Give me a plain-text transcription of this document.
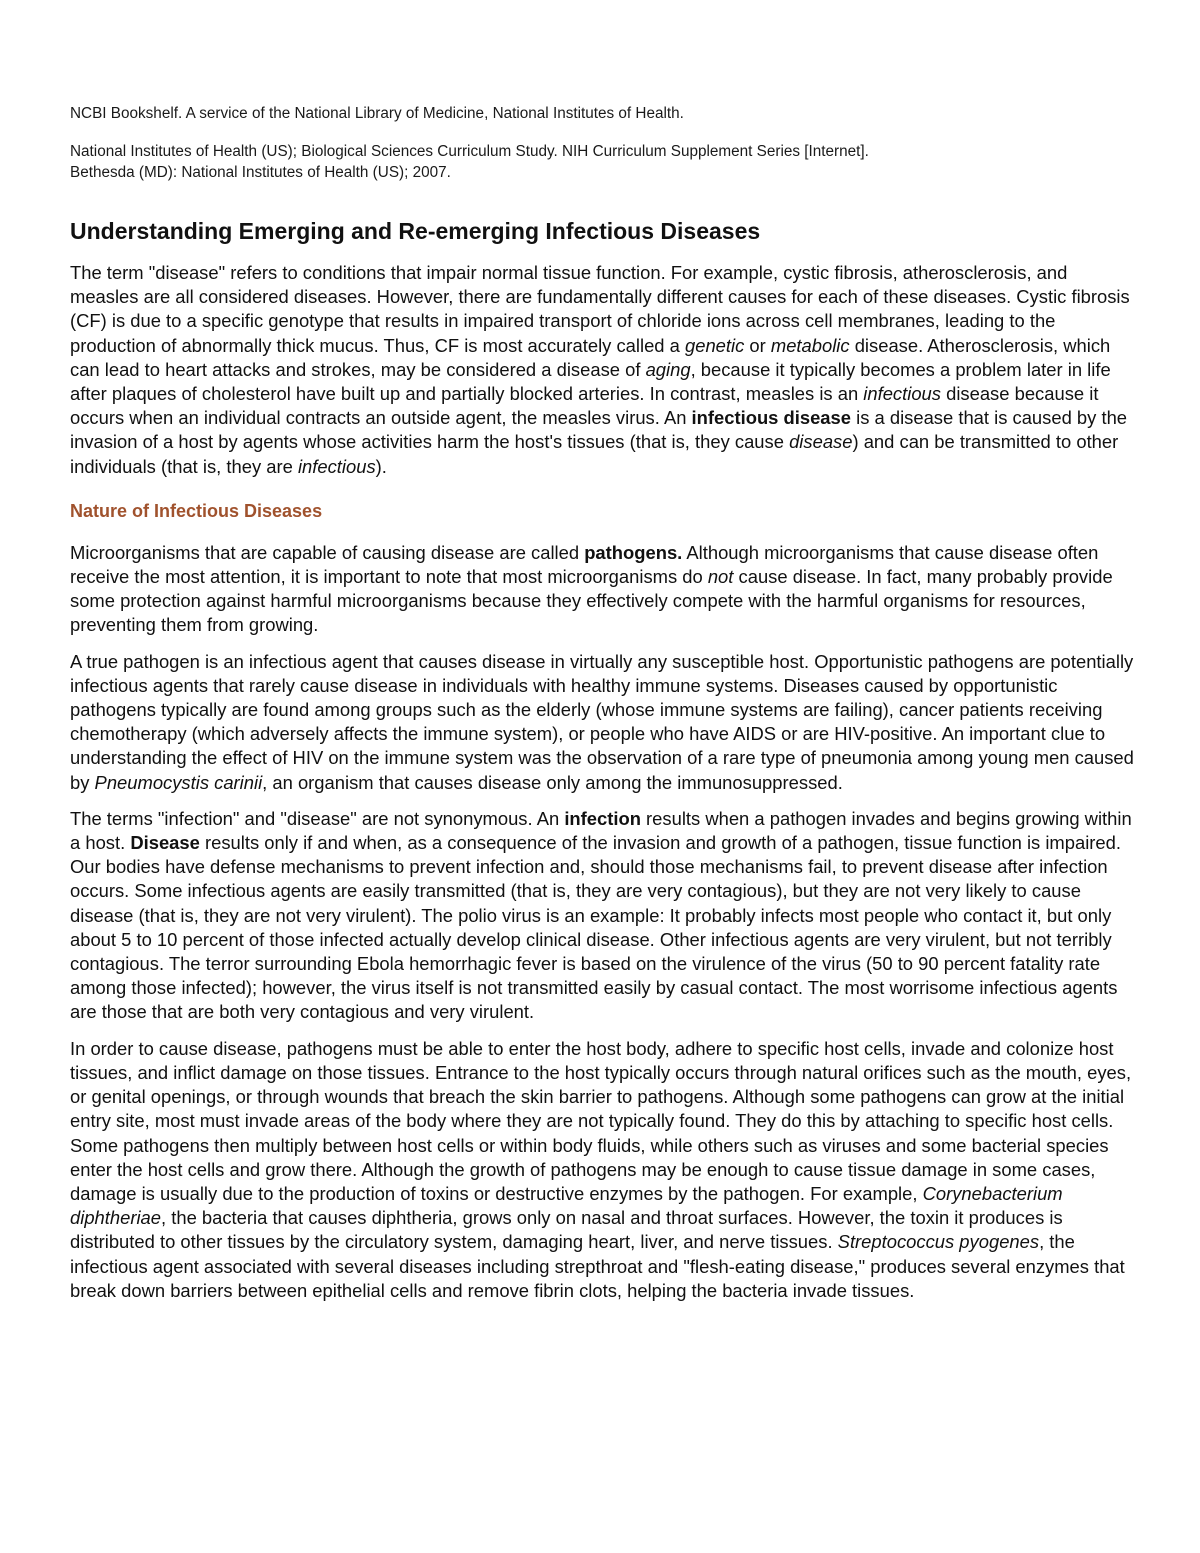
NCBI Bookshelf. A service of the National Library of Medicine, National Institutes of Health.

National Institutes of Health (US); Biological Sciences Curriculum Study. NIH Curriculum Supplement Series [Internet].
Bethesda (MD): National Institutes of Health (US); 2007.

Understanding Emerging and Re-emerging Infectious Diseases

The term "disease" refers to conditions that impair normal tissue function. For example, cystic fibrosis, atherosclerosis, and measles are all considered diseases. However, there are fundamentally different causes for each of these diseases. Cystic fibrosis (CF) is due to a specific genotype that results in impaired transport of chloride ions across cell membranes, leading to the production of abnormally thick mucus. Thus, CF is most accurately called a genetic or metabolic disease. Atherosclerosis, which can lead to heart attacks and strokes, may be considered a disease of aging, because it typically becomes a problem later in life after plaques of cholesterol have built up and partially blocked arteries. In contrast, measles is an infectious disease because it occurs when an individual contracts an outside agent, the measles virus. An infectious disease is a disease that is caused by the invasion of a host by agents whose activities harm the host's tissues (that is, they cause disease) and can be transmitted to other individuals (that is, they are infectious).

Nature of Infectious Diseases

Microorganisms that are capable of causing disease are called pathogens. Although microorganisms that cause disease often receive the most attention, it is important to note that most microorganisms do not cause disease. In fact, many probably provide some protection against harmful microorganisms because they effectively compete with the harmful organisms for resources, preventing them from growing.

A true pathogen is an infectious agent that causes disease in virtually any susceptible host. Opportunistic pathogens are potentially infectious agents that rarely cause disease in individuals with healthy immune systems. Diseases caused by opportunistic pathogens typically are found among groups such as the elderly (whose immune systems are failing), cancer patients receiving chemotherapy (which adversely affects the immune system), or people who have AIDS or are HIV-positive. An important clue to understanding the effect of HIV on the immune system was the observation of a rare type of pneumonia among young men caused by Pneumocystis carinii, an organism that causes disease only among the immunosuppressed.

The terms "infection" and "disease" are not synonymous. An infection results when a pathogen invades and begins growing within a host. Disease results only if and when, as a consequence of the invasion and growth of a pathogen, tissue function is impaired. Our bodies have defense mechanisms to prevent infection and, should those mechanisms fail, to prevent disease after infection occurs. Some infectious agents are easily transmitted (that is, they are very contagious), but they are not very likely to cause disease (that is, they are not very virulent). The polio virus is an example: It probably infects most people who contact it, but only about 5 to 10 percent of those infected actually develop clinical disease. Other infectious agents are very virulent, but not terribly contagious. The terror surrounding Ebola hemorrhagic fever is based on the virulence of the virus (50 to 90 percent fatality rate among those infected); however, the virus itself is not transmitted easily by casual contact. The most worrisome infectious agents are those that are both very contagious and very virulent.

In order to cause disease, pathogens must be able to enter the host body, adhere to specific host cells, invade and colonize host tissues, and inflict damage on those tissues. Entrance to the host typically occurs through natural orifices such as the mouth, eyes, or genital openings, or through wounds that breach the skin barrier to pathogens. Although some pathogens can grow at the initial entry site, most must invade areas of the body where they are not typically found. They do this by attaching to specific host cells. Some pathogens then multiply between host cells or within body fluids, while others such as viruses and some bacterial species enter the host cells and grow there. Although the growth of pathogens may be enough to cause tissue damage in some cases, damage is usually due to the production of toxins or destructive enzymes by the pathogen. For example, Corynebacterium diphtheriae, the bacteria that causes diphtheria, grows only on nasal and throat surfaces. However, the toxin it produces is distributed to other tissues by the circulatory system, damaging heart, liver, and nerve tissues. Streptococcus pyogenes, the infectious agent associated with several diseases including strepthroat and "flesh-eating disease," produces several enzymes that break down barriers between epithelial cells and remove fibrin clots, helping the bacteria invade tissues.
